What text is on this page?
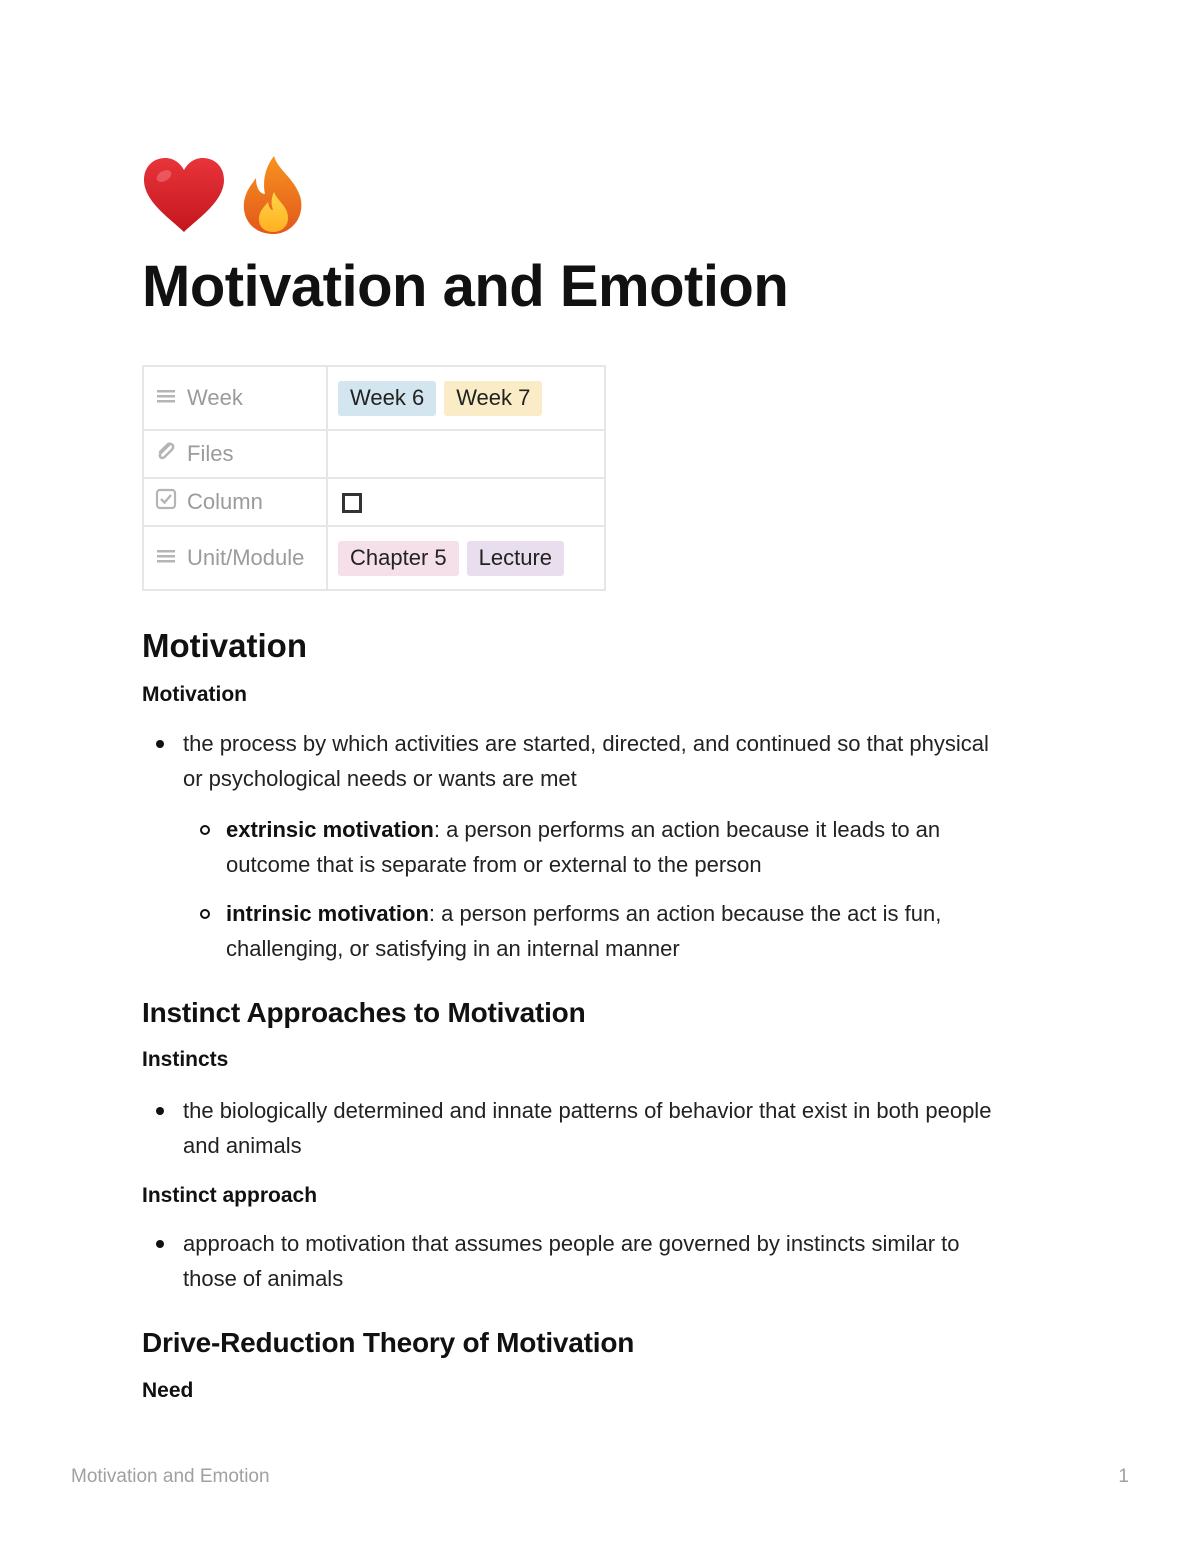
Motivation and Emotion
Week	Week 6 Week 7

Files	

Column	

Unit/Module	Chapter 5 Lecture
Motivation
Motivation
the process by which activities are started, directed, and continued so that physical
or psychological needs or wants are met
extrinsic motivation: a person performs an action because it leads to an
outcome that is separate from or external to the person
intrinsic motivation: a person performs an action because the act is fun,
challenging, or satisfying in an internal manner
Instinct Approaches to Motivation
Instincts
the biologically determined and innate patterns of behavior that exist in both people
and animals
Instinct approach
approach to motivation that assumes people are governed by instincts similar to
those of animals
Drive-Reduction Theory of Motivation
Need
Motivation and Emotion	1
